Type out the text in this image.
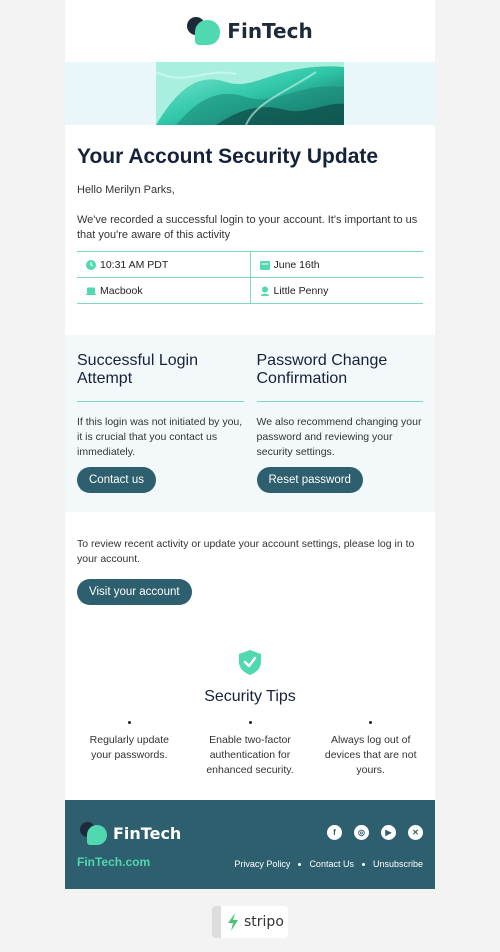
FinTech
Your Account Security Update

Hello Merilyn Parks,

We've recorded a successful login to your account. It's important to us that you're aware of this activity

10:31 AM PDT	June 16th
Macbook	Little Penny
Successful Login Attempt

If this login was not initiated by you, it is crucial that you contact us immediately.

Contact us
Password Change Confirmation

We also recommend changing your password and reviewing your security settings.

Reset password

To review recent activity or update your account settings, please log in to your account.

Visit your account
Security Tips
Regularly update your passwords.
Enable two-factor authentication for enhanced security.
Always log out of devices that are not yours.
FinTech
FinTech.com
f	◎	▶	✕
Privacy Policy Contact Us Unsubscribe
stripo
